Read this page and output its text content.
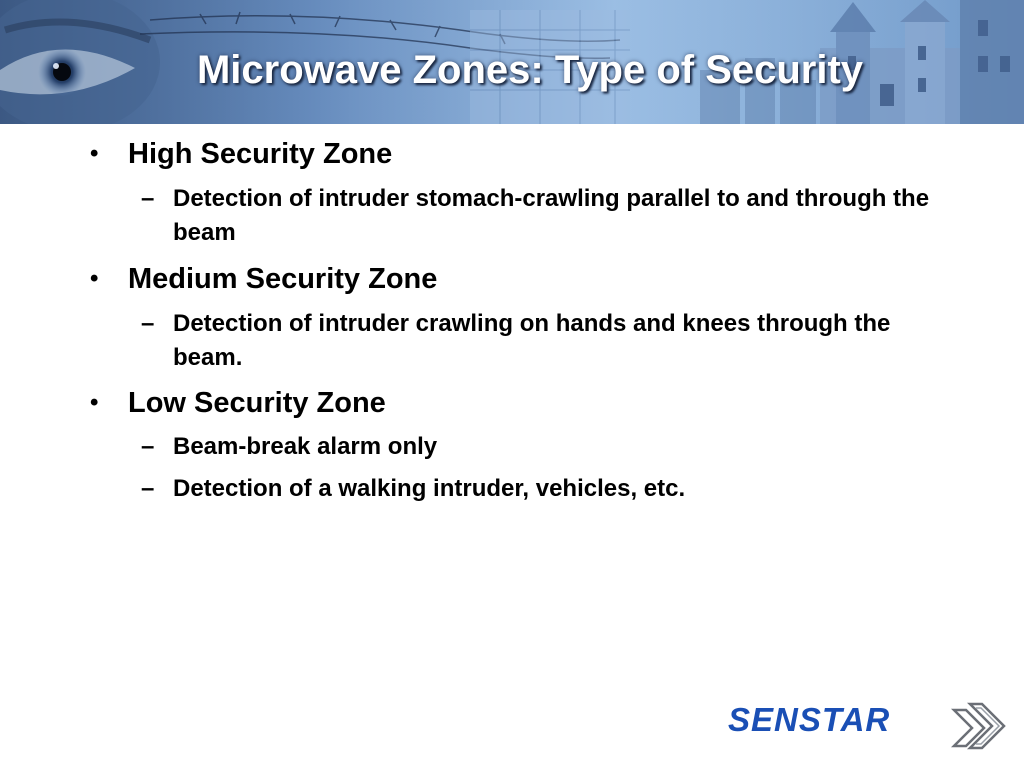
Microwave Zones: Type of Security
• High Security Zone
– Detection of intruder stomach-crawling parallel to and through the beam
• Medium Security Zone
– Detection of intruder crawling on hands and knees through the beam.
• Low Security Zone
– Beam-break alarm only
– Detection of a walking intruder, vehicles, etc.
SENSTAR
